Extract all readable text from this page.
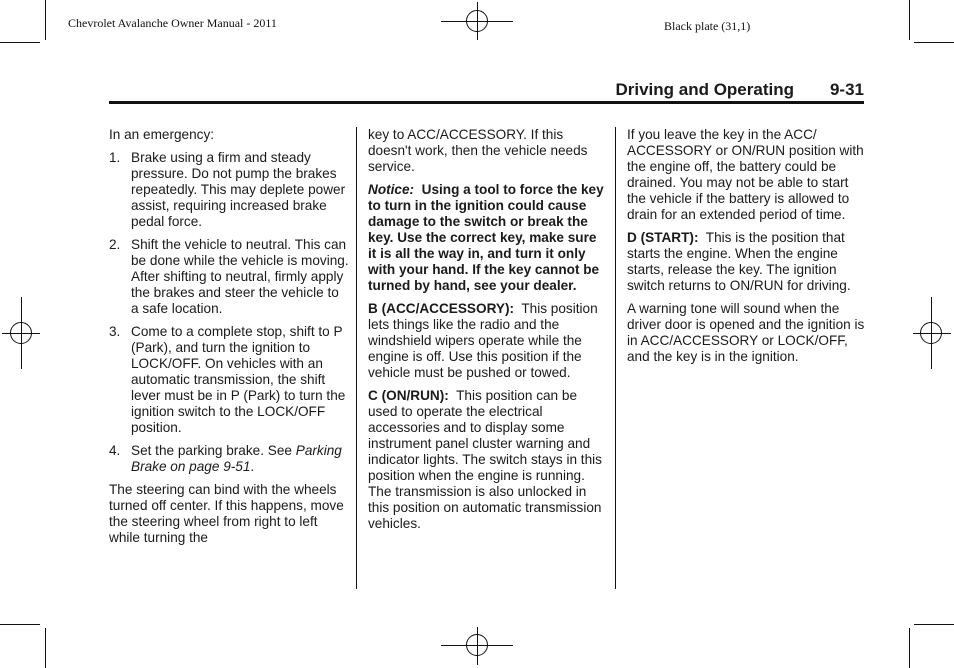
Chevrolet Avalanche Owner Manual - 2011	Black plate (31,1)
Driving and Operating 9-31

In an emergency:

1. Brake using a firm and steady pressure. Do not pump the brakes repeatedly. This may deplete power assist, requiring increased brake pedal force.
2. Shift the vehicle to neutral. This can be done while the vehicle is moving. After shifting to neutral, firmly apply the brakes and steer the vehicle to a safe location.
3. Come to a complete stop, shift to P (Park), and turn the ignition to LOCK/OFF. On vehicles with an automatic transmission, the shift lever must be in P (Park) to turn the ignition switch to the LOCK/OFF position.
4. Set the parking brake. See Parking Brake on page 9-51.

The steering can bind with the wheels turned off center. If this happens, move the steering wheel from right to left while turning the

key to ACC/ACCESSORY. If this doesn't work, then the vehicle needs service.

Notice: Using a tool to force the key to turn in the ignition could cause damage to the switch or break the key. Use the correct key, make sure it is all the way in, and turn it only with your hand. If the key cannot be turned by hand, see your dealer.

B (ACC/ACCESSORY): This position lets things like the radio and the windshield wipers operate while the engine is off. Use this position if the vehicle must be pushed or towed.

C (ON/RUN): This position can be used to operate the electrical accessories and to display some instrument panel cluster warning and indicator lights. The switch stays in this position when the engine is running. The transmission is also unlocked in this position on automatic transmission vehicles.

If you leave the key in the ACC/ ACCESSORY or ON/RUN position with the engine off, the battery could be drained. You may not be able to start the vehicle if the battery is allowed to drain for an extended period of time.

D (START): This is the position that starts the engine. When the engine starts, release the key. The ignition switch returns to ON/RUN for driving.

A warning tone will sound when the driver door is opened and the ignition is in ACC/ACCESSORY or LOCK/OFF, and the key is in the ignition.
